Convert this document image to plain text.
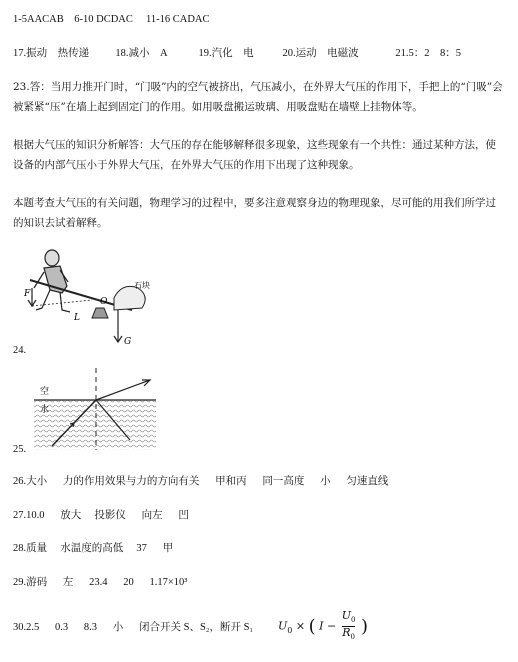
1-5AACAB    6-10 DCDAC     11-16 CADAC
17.振动    热传递          18.减小    A            19.汽化    电           20.运动    电磁波              21.5：2    8：5
23.答：当用力推开门时，“门吸”内的空气被挤出，气压减小，在外界大气压的作用下，手把上的“门吸”会被紧紧“压”在墙上起到固定门的作用。如用吸盘搬运玻璃、用吸盘贴在墙壁上挂物体等。
根据大气压的知识分析解答：大气压的存在能够解释很多现象，这些现象有一个共性：通过某种方法，使设备的内部气压小于外界大气压，在外界大气压的作用下出现了这种现象。
本题考查大气压的有关问题，物理学习的过程中，要多注意观察身边的物理现象，尽可能的用我们所学过的知识去试着解释。
F
O
L
G
石块
24.
空
水
25.
26.大小      力的作用效果与力的方向有关      甲和丙      同一高度      小      匀速直线
27.10.0      放大     投影仪      向左      凹
28.质量     水温度的高低     37      甲
29.游码      左      23.4      20      1.17×10³
30.2.5      0.3      8.3      小      闭合开关 S、S₂，断开 S₁ $U_0$ × ( $I - \frac{U_0}{R_0}$ )
